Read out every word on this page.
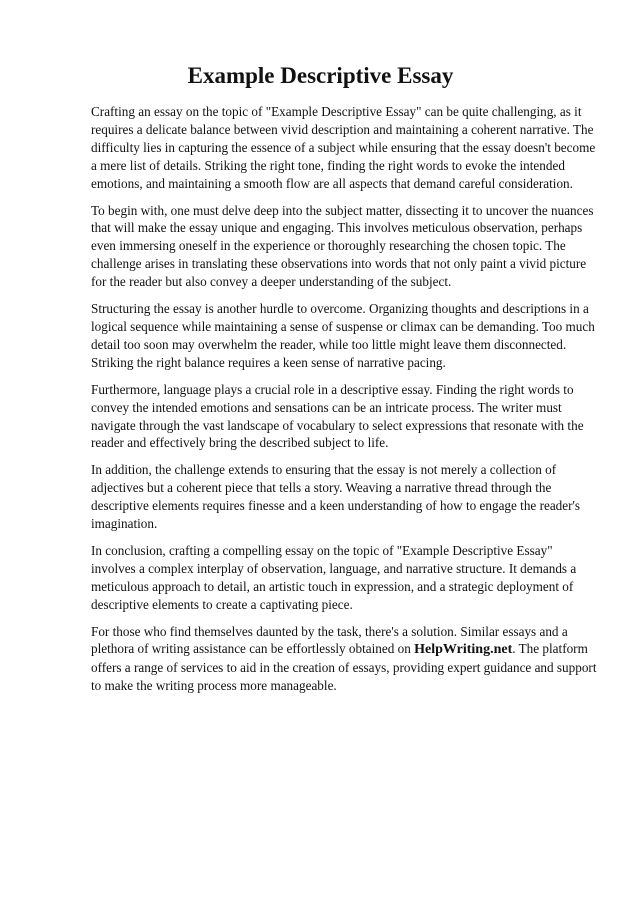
Example Descriptive Essay

Crafting an essay on the topic of "Example Descriptive Essay" can be quite challenging, as it requires a delicate balance between vivid description and maintaining a coherent narrative. The difficulty lies in capturing the essence of a subject while ensuring that the essay doesn't become a mere list of details. Striking the right tone, finding the right words to evoke the intended emotions, and maintaining a smooth flow are all aspects that demand careful consideration.

To begin with, one must delve deep into the subject matter, dissecting it to uncover the nuances that will make the essay unique and engaging. This involves meticulous observation, perhaps even immersing oneself in the experience or thoroughly researching the chosen topic. The challenge arises in translating these observations into words that not only paint a vivid picture for the reader but also convey a deeper understanding of the subject.

Structuring the essay is another hurdle to overcome. Organizing thoughts and descriptions in a logical sequence while maintaining a sense of suspense or climax can be demanding. Too much detail too soon may overwhelm the reader, while too little might leave them disconnected. Striking the right balance requires a keen sense of narrative pacing.

Furthermore, language plays a crucial role in a descriptive essay. Finding the right words to convey the intended emotions and sensations can be an intricate process. The writer must navigate through the vast landscape of vocabulary to select expressions that resonate with the reader and effectively bring the described subject to life.

In addition, the challenge extends to ensuring that the essay is not merely a collection of adjectives but a coherent piece that tells a story. Weaving a narrative thread through the descriptive elements requires finesse and a keen understanding of how to engage the reader's imagination.

In conclusion, crafting a compelling essay on the topic of "Example Descriptive Essay" involves a complex interplay of observation, language, and narrative structure. It demands a meticulous approach to detail, an artistic touch in expression, and a strategic deployment of descriptive elements to create a captivating piece.

For those who find themselves daunted by the task, there's a solution. Similar essays and a plethora of writing assistance can be effortlessly obtained on HelpWriting.net. The platform offers a range of services to aid in the creation of essays, providing expert guidance and support to make the writing process more manageable.
